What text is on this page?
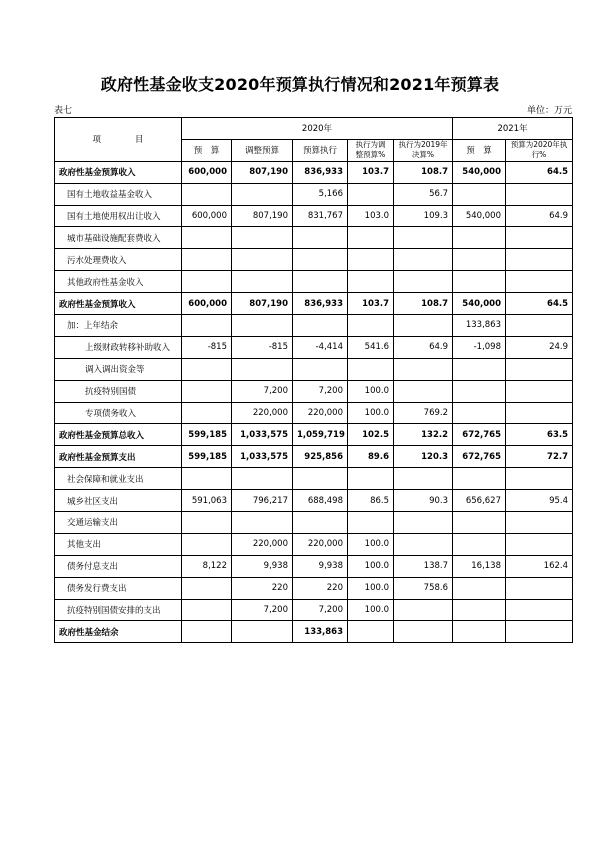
政府性基金收支2020年预算执行情况和2021年预算表
表七	单位：万元
项　　　　目	2020年					2021年	
	预　算	调整预算	预算执行	执行为调整预算%	执行为2019年决算%	预　算	预算为2020年执行%
政府性基金预算收入	600,000	807,190	836,933	103.7	108.7	540,000	64.5
国有土地收益基金收入			5,166		56.7		
国有土地使用权出让收入	600,000	807,190	831,767	103.0	109.3	540,000	64.9
城市基础设施配套费收入							
污水处理费收入							
其他政府性基金收入							
政府性基金预算收入	600,000	807,190	836,933	103.7	108.7	540,000	64.5
加：上年结余						133,863	
上级财政转移补助收入	-815	-815	-4,414	541.6	64.9	-1,098	24.9
调入调出资金等							
抗疫特别国债		7,200	7,200	100.0			
专项债务收入		220,000	220,000	100.0	769.2		
政府性基金预算总收入	599,185	1,033,575	1,059,719	102.5	132.2	672,765	63.5
政府性基金预算支出	599,185	1,033,575	925,856	89.6	120.3	672,765	72.7
社会保障和就业支出							
城乡社区支出	591,063	796,217	688,498	86.5	90.3	656,627	95.4
交通运输支出							
其他支出		220,000	220,000	100.0			
债务付息支出	8,122	9,938	9,938	100.0	138.7	16,138	162.4
债务发行费支出		220	220	100.0	758.6		
抗疫特别国债安排的支出		7,200	7,200	100.0			
政府性基金结余			133,863				
